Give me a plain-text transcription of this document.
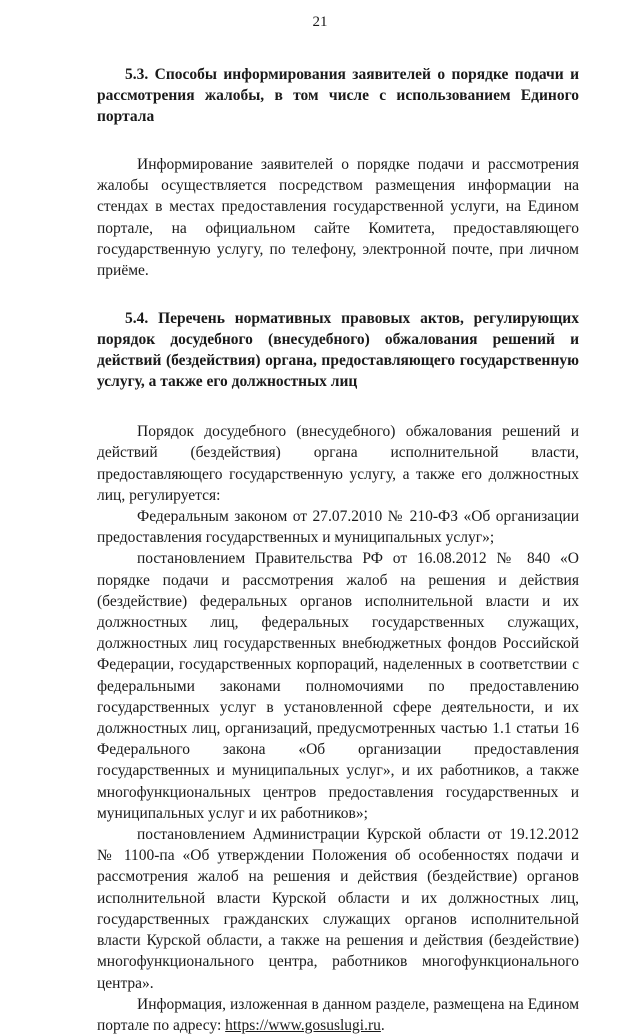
21

5.3. Способы информирования заявителей о порядке подачи и рассмотрения жалобы, в том числе с использованием Единого портала

Информирование заявителей о порядке подачи и рассмотрения жалобы осуществляется посредством размещения информации на стендах в местах предоставления государственной услуги, на Едином портале, на официальном сайте Комитета, предоставляющего государственную услугу, по телефону, электронной почте, при личном приёме.

5.4. Перечень нормативных правовых актов, регулирующих порядок досудебного (внесудебного) обжалования решений и действий (бездействия) органа, предоставляющего государственную услугу, а также его должностных лиц

Порядок досудебного (внесудебного) обжалования решений и действий (бездействия) органа исполнительной власти, предоставляющего государственную услугу, а также его должностных лиц, регулируется:

Федеральным законом от 27.07.2010 № 210-ФЗ «Об организации предоставления государственных и муниципальных услуг»;

постановлением Правительства РФ от 16.08.2012 № 840 «О порядке подачи и рассмотрения жалоб на решения и действия (бездействие) федеральных органов исполнительной власти и их должностных лиц, федеральных государственных служащих, должностных лиц государственных внебюджетных фондов Российской Федерации, государственных корпораций, наделенных в соответствии с федеральными законами полномочиями по предоставлению государственных услуг в установленной сфере деятельности, и их должностных лиц, организаций, предусмотренных частью 1.1 статьи 16 Федерального закона «Об организации предоставления государственных и муниципальных услуг», и их работников, а также многофункциональных центров предоставления государственных и муниципальных услуг и их работников»;

постановлением Администрации Курской области от 19.12.2012 № 1100-па «Об утверждении Положения об особенностях подачи и рассмотрения жалоб на решения и действия (бездействие) органов исполнительной власти Курской области и их должностных лиц, государственных гражданских служащих органов исполнительной власти Курской области, а также на решения и действия (бездействие) многофункционального центра, работников многофункционального центра».

Информация, изложенная в данном разделе, размещена на Едином портале по адресу: https://www.gosuslugi.ru.
